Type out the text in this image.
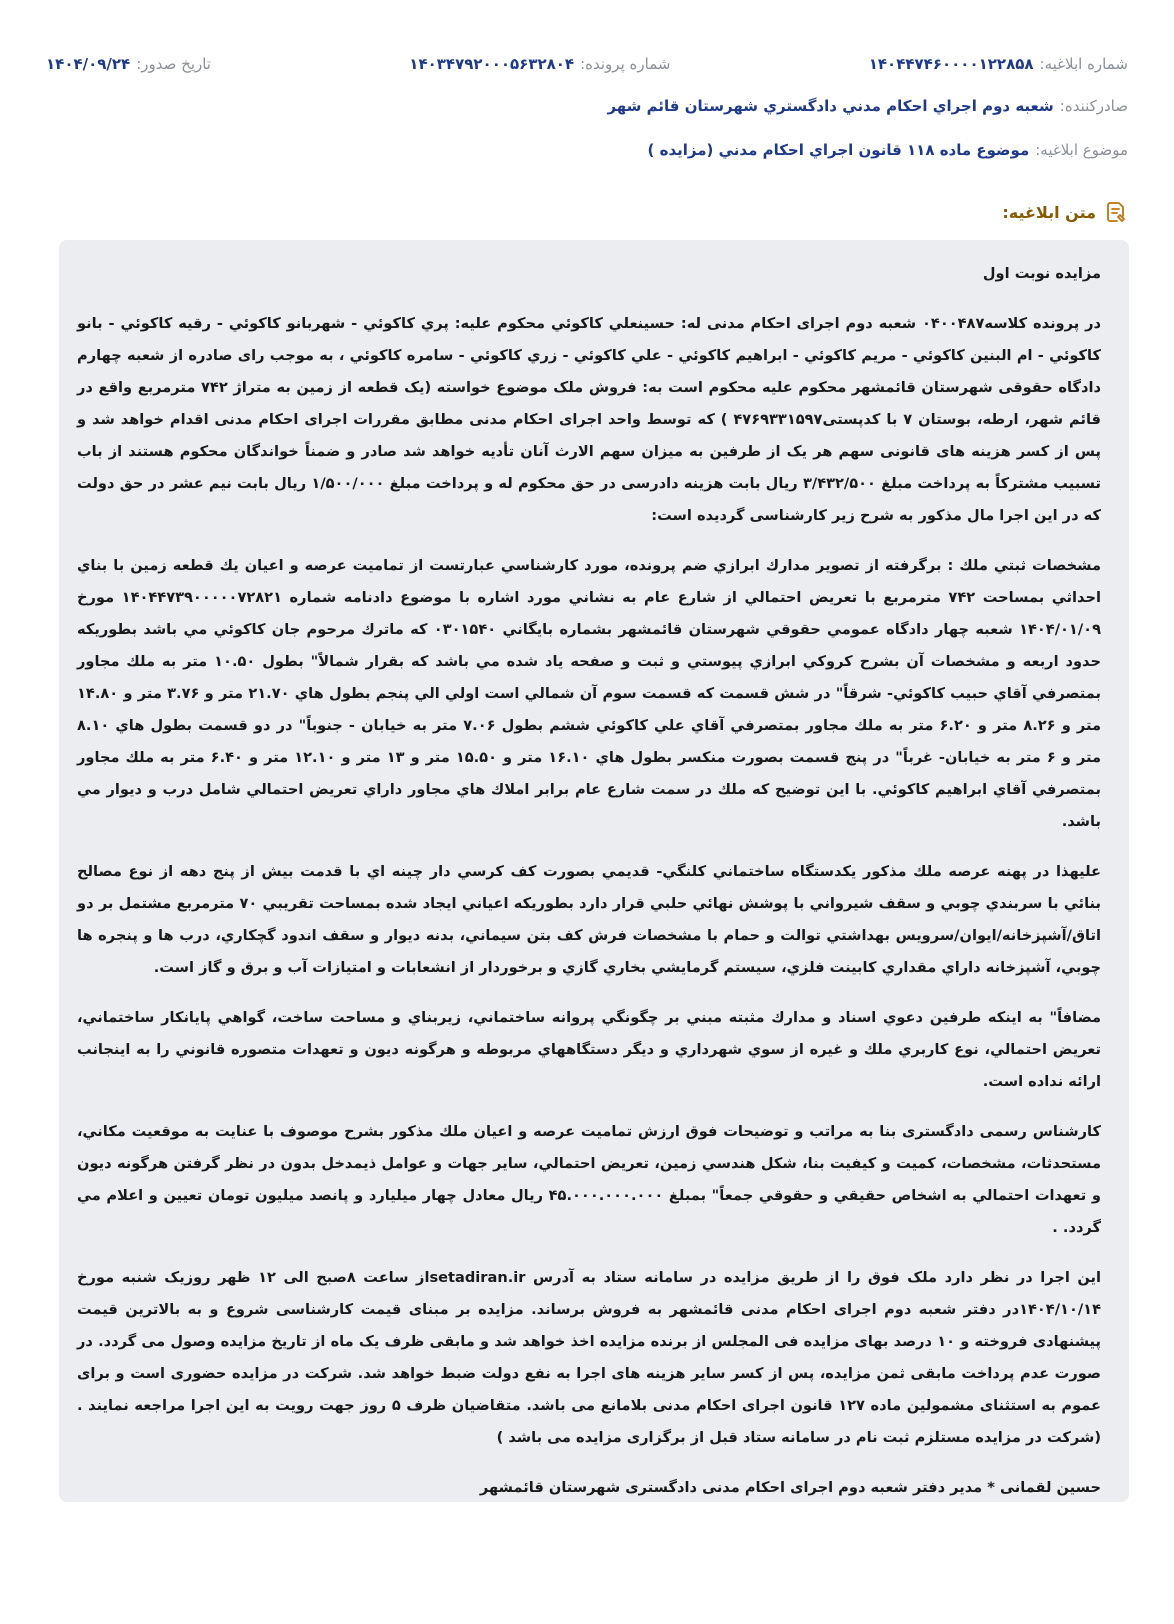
شماره ابلاغيه:
۱۴۰۴۴۷۴۶۰۰۰۰۱۲۲۸۵۸
شماره پرونده:
۱۴۰۳۴۷۹۲۰۰۰۵۶۳۲۸۰۴
تاريخ صدور:
۱۴۰۴/۰۹/۲۴
صادرکننده:
شعبه دوم اجراي احكام مدني دادگستري شهرستان قائم شهر
موضوع ابلاغيه:
موضوع ماده ۱۱۸ قانون اجراي احكام مدني (مزايده )
متن ابلاغيه:

مزايده نوبت اول

در پرونده کلاسه۰۴۰۰۴۸۷ شعبه دوم اجرای احکام مدنی له: حسينعلي كاكوئي محكوم عليه: پري كاكوئي - شهربانو كاكوئي - رقيه كاكوئي - بانو كاكوئي - ام البنين كاكوئي - مريم كاكوئي - ابراهيم كاكوئي - علي كاكوئي - زري كاكوئي - سامره كاكوئي ، به موجب رای صادره از شعبه چهارم دادگاه حقوقی شهرستان قائمشهر محکوم علیه محکوم است به: فروش ملک موضوع خواسته (یک قطعه از زمین به متراژ ۷۴۲ مترمربع واقع در قائم شهر، ارطه، بوستان ۷ با کدپستی۴۷۶۹۳۳۱۵۹۷ ) که توسط واحد اجرای احکام مدنی مطابق مقررات اجرای احکام مدنی اقدام خواهد شد و پس از کسر هزینه های قانونی سهم هر یک از طرفین به میزان سهم الارث آنان تأدیه خواهد شد صادر و ضمناً خواندگان محکوم هستند از باب تسبیب مشترکاً به پرداخت مبلغ ۳/۴۳۲/۵۰۰ ریال بابت هزینه دادرسی در حق محکوم له و پرداخت مبلغ ۱/۵۰۰/۰۰۰ ریال بابت نیم عشر در حق دولت که در این اجرا مال مذكور به شرح زير كارشناسی گرديده است:

مشخصات ثبتي ملك : برگرفته از تصوير مدارك ابرازي ضم پرونده، مورد كارشناسي عبارتست از تماميت عرصه و اعيان يك قطعه زمين با بناي احداثي بمساحت ۷۴۲ مترمربع با تعريض احتمالي از شارع عام به نشاني مورد اشاره با موضوع دادنامه شماره ۱۴۰۴۴۷۳۹۰۰۰۰۰۷۲۸۲۱ مورخ ۱۴۰۴/۰۱/۰۹ شعبه چهار دادگاه عمومي حقوقي شهرستان قائمشهر بشماره بايگاني ۰۳۰۱۵۴۰ كه ماترك مرحوم جان كاكوئي مي باشد بطوريكه حدود اربعه و مشخصات آن بشرح كروكي ابرازي پيوستي و ثبت و صفحه ياد شده مي باشد كه بقرار شمالاً" بطول ۱۰.۵۰ متر به ملك مجاور بمتصرفي آقاي حبيب كاكوئي- شرقاً" در شش قسمت كه قسمت سوم آن شمالي است اولي الي پنجم بطول هاي ۲۱.۷۰ متر و ۳.۷۶ متر و ۱۴.۸۰ متر و ۸.۲۶ متر و ۶.۲۰ متر به ملك مجاور بمتصرفي آقاي علي كاكوئي ششم بطول ۷.۰۶ متر به خيابان - جنوباً" در دو قسمت بطول هاي ۸.۱۰ متر و ۶ متر به خيابان- غرباً" در پنج قسمت بصورت منكسر بطول هاي ۱۶.۱۰ متر و ۱۵.۵۰ متر و ۱۳ متر و ۱۲.۱۰ متر و ۶.۴۰ متر به ملك مجاور بمتصرفي آقاي ابراهيم كاكوئي. با اين توضيح كه ملك در سمت شارع عام برابر املاك هاي مجاور داراي تعريض احتمالي شامل درب و ديوار مي باشد.

عليهذا در پهنه عرصه ملك مذكور يكدستگاه ساختماني كلنگي- قديمي بصورت كف كرسي دار چينه اي با قدمت بيش از پنج دهه از نوع مصالح بنائي با سربندي چوبي و سقف شيرواني با پوشش نهائي حلبي قرار دارد بطوريكه اعياني ايجاد شده بمساحت تقريبي ۷۰ مترمربع مشتمل بر دو اتاق/آشپزخانه/ايوان/سرويس بهداشتي توالت و حمام با مشخصات فرش كف بتن سيماني، بدنه ديوار و سقف اندود گچكاري، درب ها و پنجره ها چوبي، آشپزخانه داراي مقداري كابينت فلزي، سيستم گرمايشي بخاري گازي و برخوردار از انشعابات و امتيازات آب و برق و گاز است.

مضافاً" به اينكه طرفين دعوي اسناد و مدارك مثبته مبني بر چگونگي پروانه ساختماني، زيربناي و مساحت ساخت، گواهي پايانكار ساختماني، تعريض احتمالي، نوع كاربري ملك و غيره از سوي شهرداري و ديگر دستگاههاي مربوطه و هرگونه ديون و تعهدات متصوره قانوني را به اينجانب ارائه نداده است.

كارشناس رسمی دادگستری بنا به مراتب و توضيحات فوق ارزش تماميت عرصه و اعيان ملك مذكور بشرح موصوف با عنايت به موقعيت مكاني، مستحدثات، مشخصات، كميت و كيفيت بنا، شكل هندسي زمين، تعريض احتمالي، ساير جهات و عوامل ذيمدخل بدون در نظر گرفتن هرگونه ديون و تعهدات احتمالي به اشخاص حقيقي و حقوقي جمعاً" بمبلغ ۴۵.۰۰۰.۰۰۰.۰۰۰ ريال معادل چهار ميليارد و پانصد ميليون تومان تعيين و اعلام مي گردد. .

این اجرا در نظر دارد ملک فوق را از طریق مزایده در سامانه ستاد به آدرس setadiran.irاز ساعت ۸صبح الی ۱۲ ظهر روزیک شنبه مورخ ۱۴۰۴/۱۰/۱۴در دفتر شعبه دوم اجرای احکام مدنی قائمشهر به فروش برساند. مزایده بر مبنای قیمت کارشناسی شروع و به بالاترین قیمت پیشنهادی فروخته و ۱۰ درصد بهای مزایده فی المجلس از برنده مزایده اخذ خواهد شد و مابقی ظرف یک ماه از تاریخ مزایده وصول می گردد. در صورت عدم پرداخت مابقی ثمن مزایده، پس از کسر سایر هزینه های اجرا به نفع دولت ضبط خواهد شد. شرکت در مزایده حضوری است و برای عموم به استثنای مشمولین ماده ۱۲۷ قانون اجرای احکام مدنی بلامانع می باشد. متقاضیان ظرف ۵ روز جهت رویت به این اجرا مراجعه نمایند . (شرکت در مزایده مستلزم ثبت نام در سامانه ستاد قبل از برگزاری مزایده می باشد )

حسین لقمانی * مدیر دفتر شعبه دوم اجرای احکام مدنی دادگستری شهرستان قائمشهر
